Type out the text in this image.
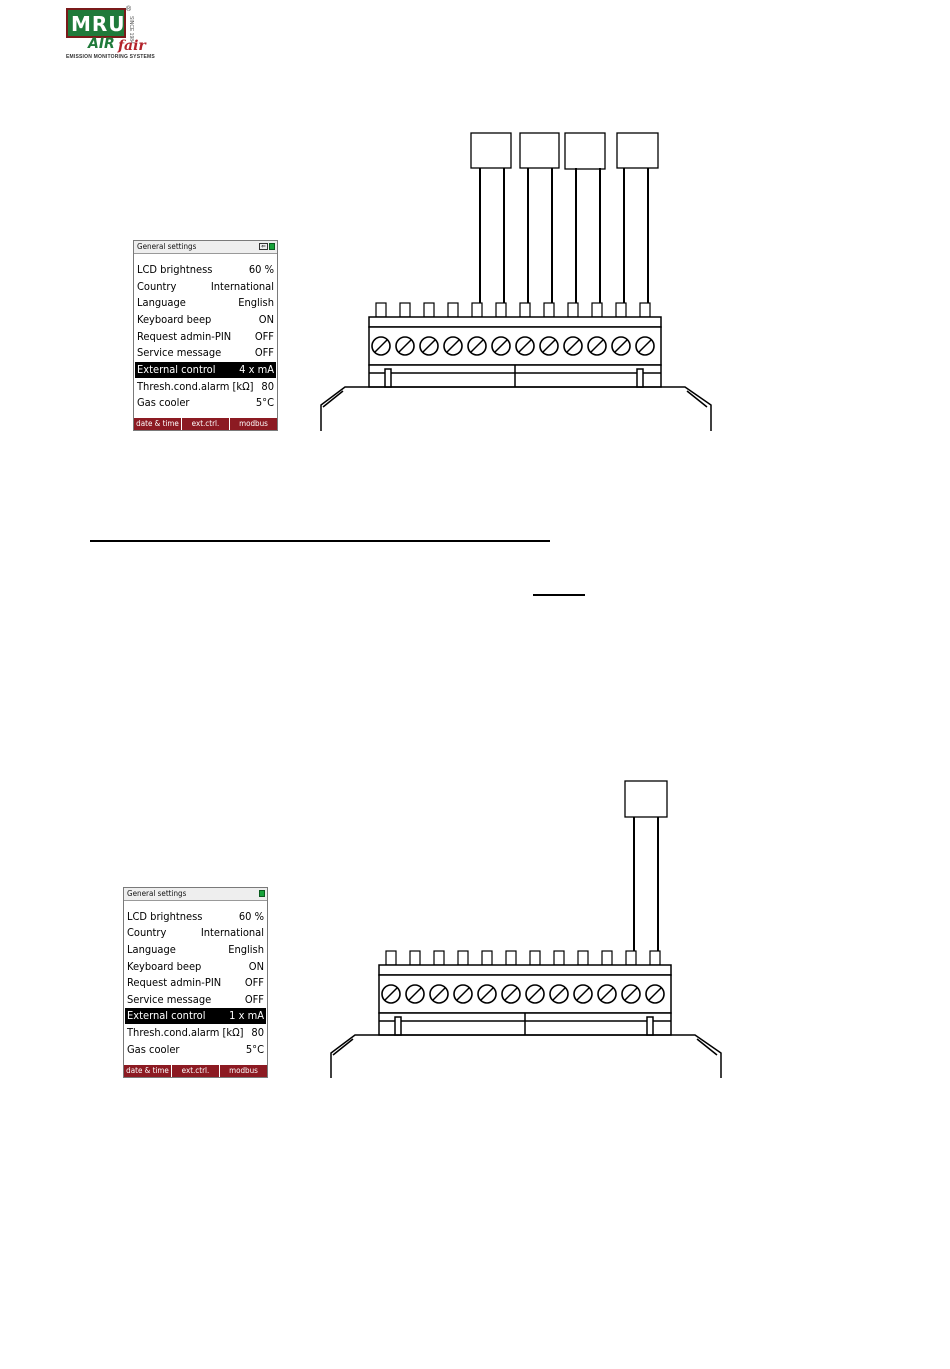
MRU
®
SINCE 1984
AIR fair
EMISSION MONITORING SYSTEMS
General settings	⇐
LCD brightness	60 %
Country	International
Language	English
Keyboard beep	ON
Request admin-PIN OFF
Service message	OFF
External control 4 x mA
Thresh.cond.alarm [kΩ] 80
Gas cooler	5°C
date & time	ext.ctrl.	modbus
General settings
LCD brightness	60 %
Country	International
Language	English
Keyboard beep	ON
Request admin-PIN OFF
Service message	OFF
External control 1 x mA
Thresh.cond.alarm [kΩ] 80
Gas cooler	5°C
date & time	ext.ctrl.	modbus
